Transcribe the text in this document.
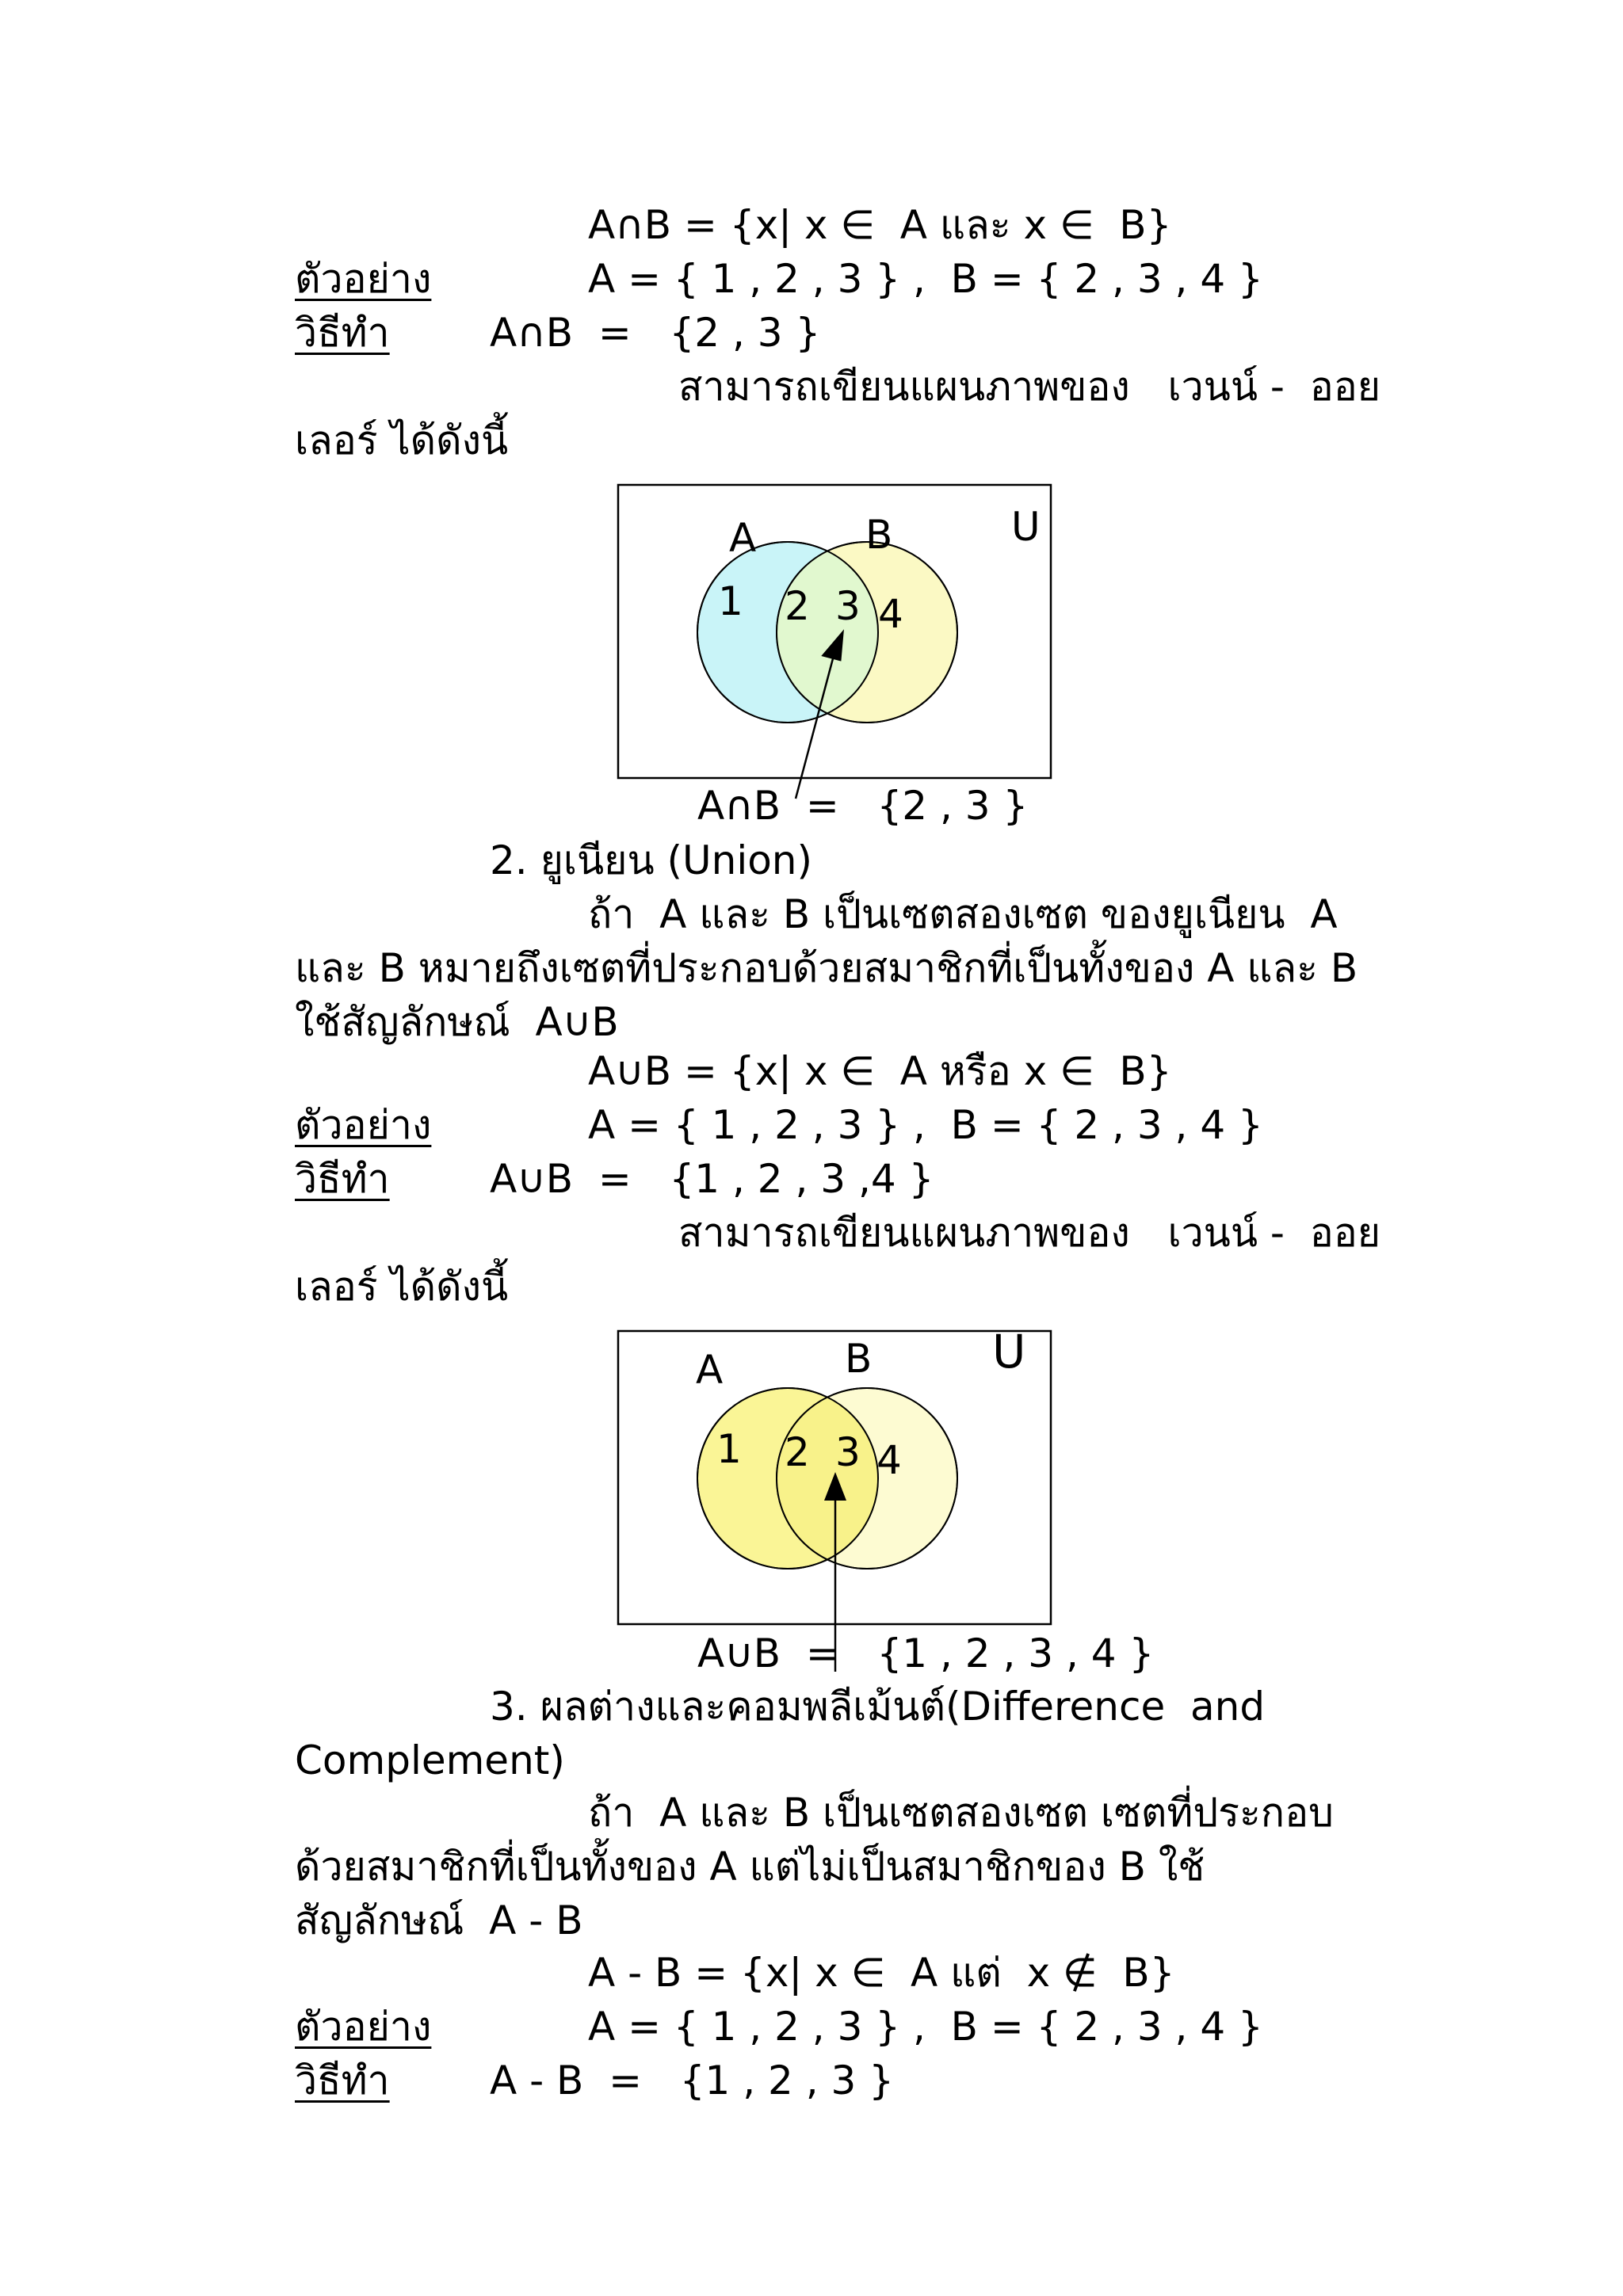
A∩B = {x| x ∈  A และ x ∈  B}
ตัวอย่าง	A = { 1 , 2 , 3 } ,  B = { 2 , 3 , 4 }
วิธีทำ	A∩B  =   {2 , 3 }
สามารถเขียนแผนภาพของ   เวนน์ -  ออย
เลอร์ ได้ดังนี้
A	B	U
1 2 3 4
A∩B  =   {2 , 3 }
2. ยูเนียน (Union)
ถ้า  A และ B เป็นเซตสองเซต ของยูเนียน  A
และ B หมายถึงเซตที่ประกอบด้วยสมาชิกที่เป็นทั้งของ A และ B
ใช้สัญลักษณ์  A∪B
A∪B = {x| x ∈  A หรือ x ∈  B}
ตัวอย่าง	A = { 1 , 2 , 3 } ,  B = { 2 , 3 , 4 }
วิธีทำ	A∪B  =   {1 , 2 , 3 ,4 }
สามารถเขียนแผนภาพของ   เวนน์ -  ออย
เลอร์ ได้ดังนี้
A	B	U
1 2 3 4
A∪B  =   {1 , 2 , 3 , 4 }
3. ผลต่างและคอมพลีเม้นต์(Difference  and
Complement)
ถ้า  A และ B เป็นเซตสองเซต เซตที่ประกอบ
ด้วยสมาชิกที่เป็นทั้งของ A แต่ไม่เป็นสมาชิกของ B ใช้
สัญลักษณ์  A - B
A - B = {x| x ∈  A แต่  x ∉  B}
ตัวอย่าง	A = { 1 , 2 , 3 } ,  B = { 2 , 3 , 4 }
วิธีทำ	A - B  =   {1 , 2 , 3 }
